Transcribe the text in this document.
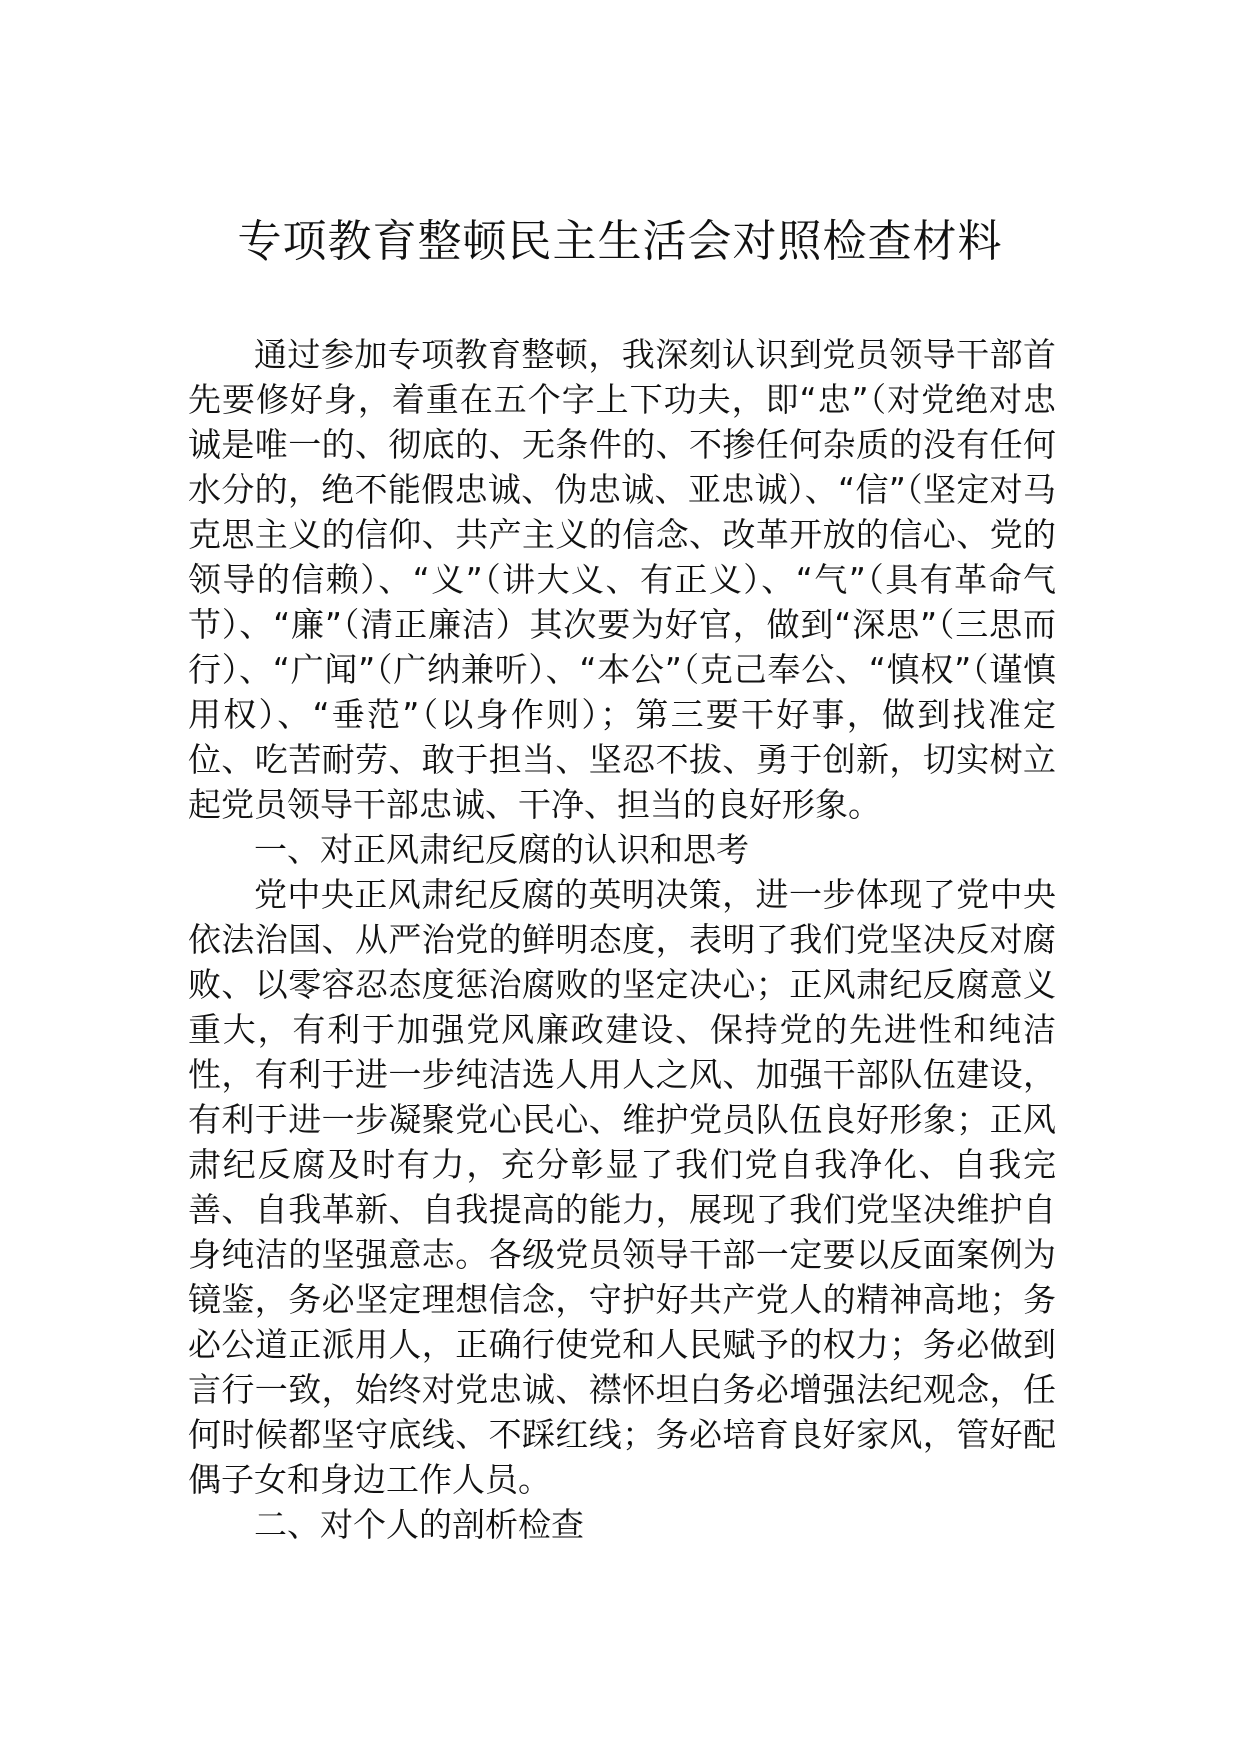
专项教育整顿民主生活会对照检查材料

通过参加专项教育整顿，我深刻认识到党员领导干部首先要修好身，着重在五个字上下功夫，即“忠”（对党绝对忠诚是唯一的、彻底的、无条件的、不掺任何杂质的没有任何水分的，绝不能假忠诚、伪忠诚、亚忠诚）、“信”（坚定对马克思主义的信仰、共产主义的信念、改革开放的信心、党的领导的信赖）、“义”（讲大义、有正义）、“气”（具有革命气节）、“廉”（清正廉洁）其次要为好官，做到“深思”（三思而行）、“广闻”（广纳兼听）、“本公”（克己奉公、“慎权”（谨慎用权）、“垂范”（以身作则）；第三要干好事，做到找准定位、吃苦耐劳、敢于担当、坚忍不拔、勇于创新，切实树立起党员领导干部忠诚、干净、担当的良好形象。

一、对正风肃纪反腐的认识和思考

党中央正风肃纪反腐的英明决策，进一步体现了党中央依法治国、从严治党的鲜明态度，表明了我们党坚决反对腐败、以零容忍态度惩治腐败的坚定决心；正风肃纪反腐意义重大，有利于加强党风廉政建设、保持党的先进性和纯洁性，有利于进一步纯洁选人用人之风、加强干部队伍建设，有利于进一步凝聚党心民心、维护党员队伍良好形象；正风肃纪反腐及时有力，充分彰显了我们党自我净化、自我完善、自我革新、自我提高的能力，展现了我们党坚决维护自身纯洁的坚强意志。各级党员领导干部一定要以反面案例为镜鉴，务必坚定理想信念，守护好共产党人的精神高地；务必公道正派用人，正确行使党和人民赋予的权力；务必做到言行一致，始终对党忠诚、襟怀坦白务必增强法纪观念，任何时候都坚守底线、不踩红线；务必培育良好家风，管好配偶子女和身边工作人员。

二、对个人的剖析检查
